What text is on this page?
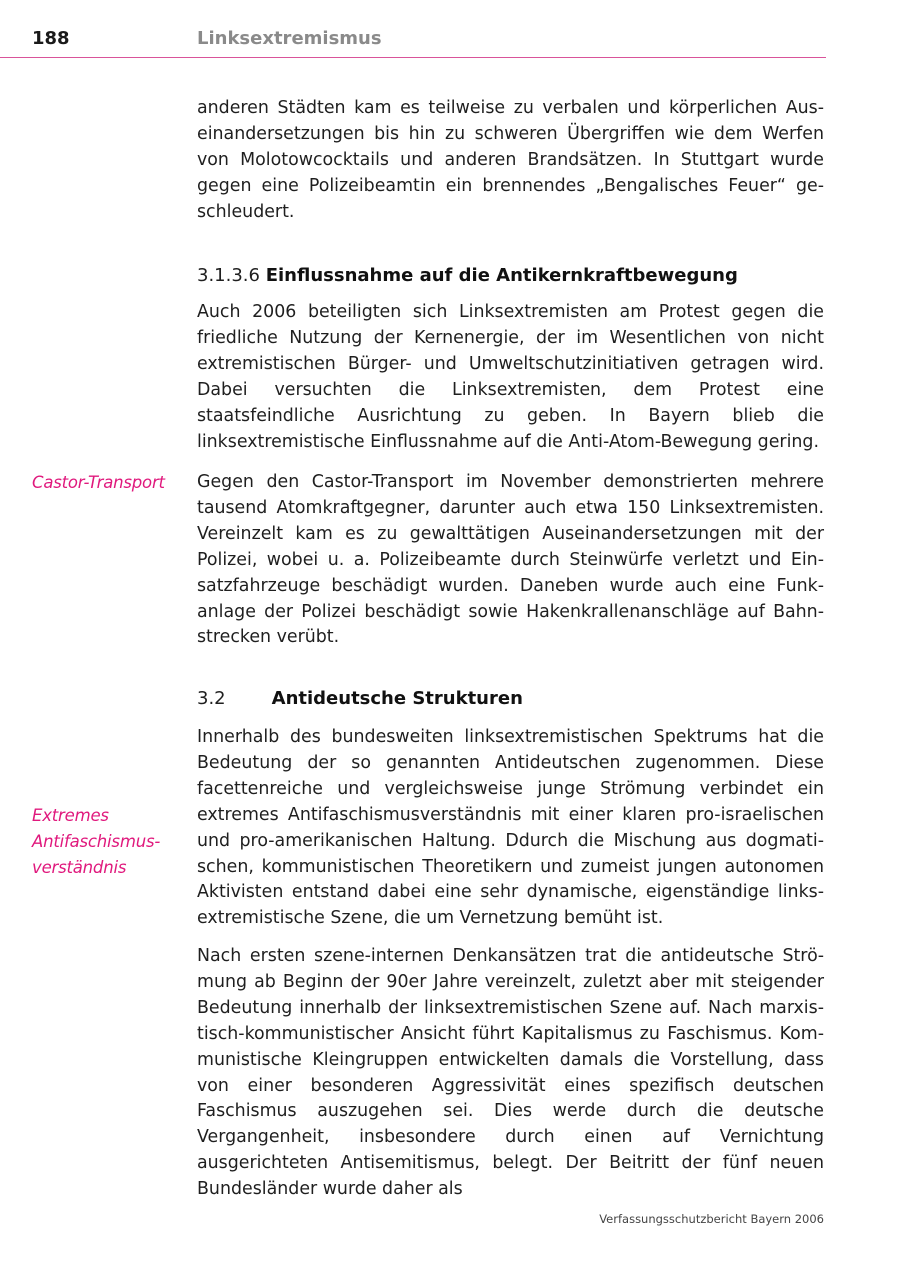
188	Linksextremismus

anderen Städten kam es teilweise zu verbalen und körperlichen Auseinandersetzungen bis hin zu schweren Übergriffen wie dem Werfen von Molotowcocktails und anderen Brandsätzen. In Stuttgart wurde gegen eine Polizeibeamtin ein brennendes „Bengalisches Feuer“ geschleudert.

3.1.3.6 Einflussnahme auf die Antikernkraftbewegung

Auch 2006 beteiligten sich Linksextremisten am Protest gegen die friedliche Nutzung der Kernenergie, der im Wesentlichen von nicht extremistischen Bürger- und Umweltschutzinitiativen getragen wird. Dabei versuchten die Linksextremisten, dem Protest eine staatsfeindliche Ausrichtung zu geben. In Bayern blieb die linksextremistische Einflussnahme auf die Anti-Atom-Bewegung gering.

Castor-Transport	Gegen den Castor-Transport im November demonstrierten mehrere tausend Atomkraftgegner, darunter auch etwa 150 Linksextremisten. Vereinzelt kam es zu gewalttätigen Auseinandersetzungen mit der Polizei, wobei u. a. Polizeibeamte durch Steinwürfe verletzt und Einsatzfahrzeuge beschädigt wurden. Daneben wurde auch eine Funkanlage der Polizei beschädigt sowie Hakenkrallenanschläge auf Bahnstrecken verübt.

3.2	Antideutsche Strukturen

Innerhalb des bundesweiten linksextremistischen Spektrums hat die Bedeutung der so genannten Antideutschen zugenommen. Diese facettenreiche und vergleichsweise junge Strömung verbindet ein extremes Antifaschismusverständnis mit einer klaren pro-israelischen und pro-amerikanischen Haltung. Ddurch die Mischung aus dogmatischen, kommunistischen Theoretikern und zumeist jungen autonomen Aktivisten entstand dabei eine sehr dynamische, eigenständige linksextremistische Szene, die um Vernetzung bemüht ist.

Extremes
Antifaschismus-
verständnis

Nach ersten szene-internen Denkansätzen trat die antideutsche Strömung ab Beginn der 90er Jahre vereinzelt, zuletzt aber mit steigender Bedeutung innerhalb der linksextremistischen Szene auf. Nach marxistisch-kommunistischer Ansicht führt Kapitalismus zu Faschismus. Kommunistische Kleingruppen entwickelten damals die Vorstellung, dass von einer besonderen Aggressivität eines spezifisch deutschen Faschismus auszugehen sei. Dies werde durch die deutsche Vergangenheit, insbesondere durch einen auf Vernichtung ausgerichteten Antisemitismus, belegt. Der Beitritt der fünf neuen Bundesländer wurde daher als

Verfassungsschutzbericht Bayern 2006
